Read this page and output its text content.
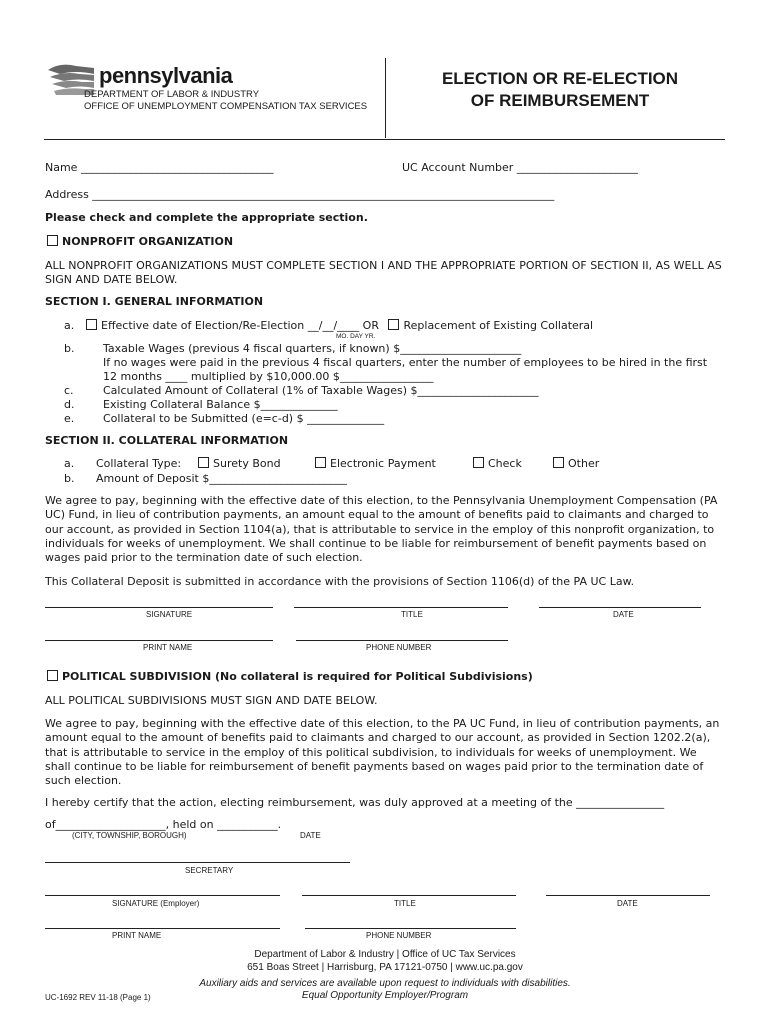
pennsylvania
DEPARTMENT OF LABOR & INDUSTRY
OFFICE OF UNEMPLOYMENT COMPENSATION TAX SERVICES
ELECTION OR RE-ELECTION
OF REIMBURSEMENT
Name ___________________________________	UC Account Number ______________________
Address ____________________________________________________________________________________
Please check and complete the appropriate section.
NONPROFIT ORGANIZATION
ALL NONPROFIT ORGANIZATIONS MUST COMPLETE SECTION I AND THE APPROPRIATE PORTION OF SECTION II, AS WELL AS SIGN AND DATE BELOW.
SECTION I. GENERAL INFORMATION
a.	Effective date of Election/Re-Election __/__/____ OR Replacement of Existing Collateral
MO. DAY YR.
b.	Taxable Wages (previous 4 fiscal quarters, if known) $______________________
If no wages were paid in the previous 4 fiscal quarters, enter the number of employees to be hired in the first
12 months ____ multiplied by $10,000.00 $_________________
c.	Calculated Amount of Collateral (1% of Taxable Wages) $______________________
d.	Existing Collateral Balance $______________
e.	Collateral to be Submitted (e=c-d) $ ______________
SECTION II. COLLATERAL INFORMATION
a. Collateral Type:	Surety Bond	Electronic Payment	Check	Other
b. Amount of Deposit $_________________________
We agree to pay, beginning with the effective date of this election, to the Pennsylvania Unemployment Compensation (PA UC) Fund, in lieu of contribution payments, an amount equal to the amount of benefits paid to claimants and charged to our account, as provided in Section 1104(a), that is attributable to service in the employ of this nonprofit organization, to individuals for weeks of unemployment. We shall continue to be liable for reimbursement of benefit payments based on wages paid prior to the termination date of such election.
This Collateral Deposit is submitted in accordance with the provisions of Section 1106(d) of the PA UC Law.
SIGNATURE	TITLE	DATE
PRINT NAME	PHONE NUMBER
POLITICAL SUBDIVISION (No collateral is required for Political Subdivisions)
ALL POLITICAL SUBDIVISIONS MUST SIGN AND DATE BELOW.
We agree to pay, beginning with the effective date of this election, to the PA UC Fund, in lieu of contribution payments, an amount equal to the amount of benefits paid to claimants and charged to our account, as provided in Section 1202.2(a), that is attributable to service in the employ of this political subdivision, to individuals for weeks of unemployment. We shall continue to be liable for reimbursement of benefit payments based on wages paid prior to the termination date of such election.
I hereby certify that the action, electing reimbursement, was duly approved at a meeting of the ________________
of____________________, held on ___________.
(CITY, TOWNSHIP, BOROUGH)	DATE
SECRETARY
SIGNATURE (Employer)	TITLE	DATE
PRINT NAME	PHONE NUMBER
Department of Labor & Industry | Office of UC Tax Services
651 Boas Street | Harrisburg, PA 17121-0750 | www.uc.pa.gov
Auxiliary aids and services are available upon request to individuals with disabilities.
Equal Opportunity Employer/Program
UC-1692 REV 11-18 (Page 1)
